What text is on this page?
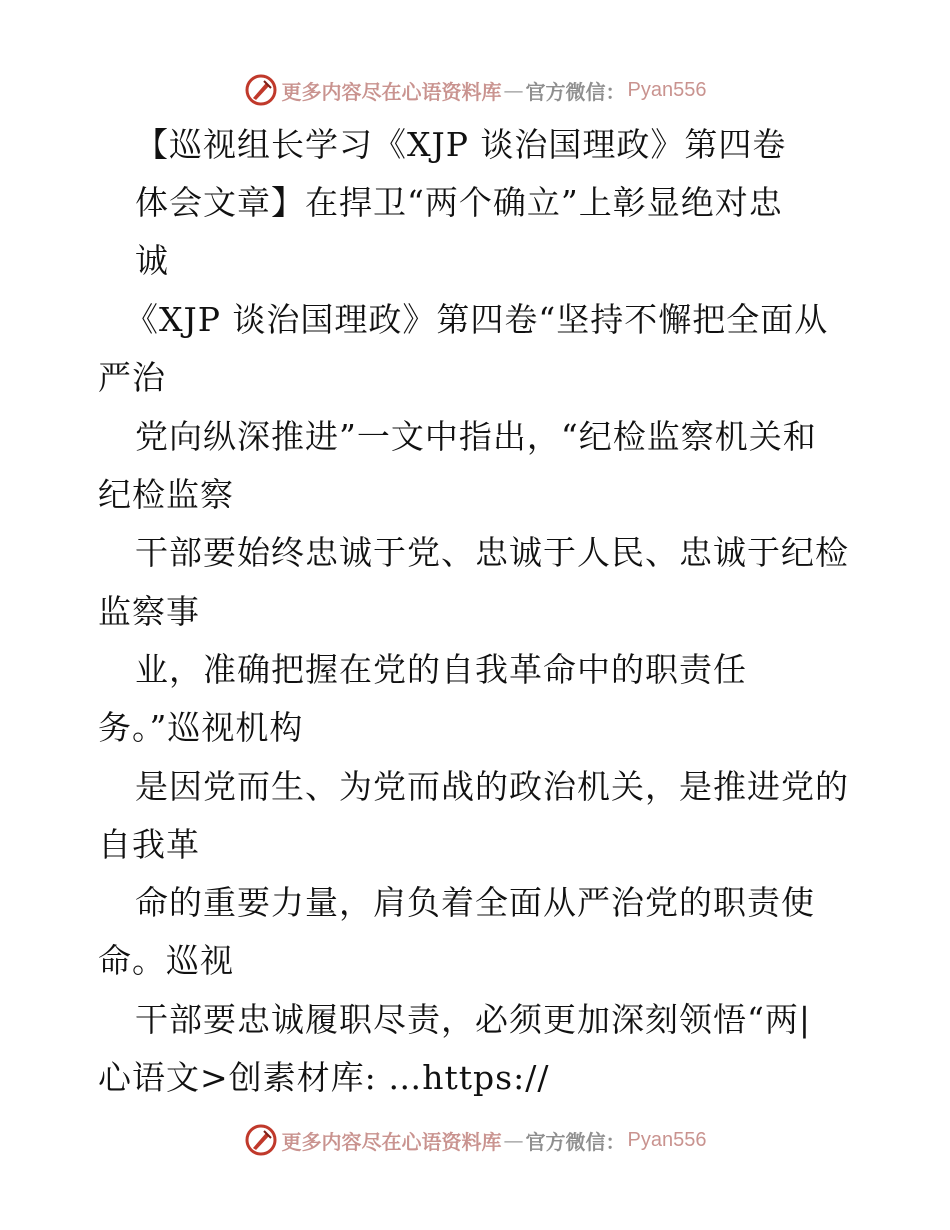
更多内容尽在心语资料库 — 官方微信： Pyan556
【巡视组长学习《XJP 谈治国理政》第四卷
体会文章】在捍卫“两个确立”上彰显绝对忠
诚
《XJP 谈治国理政》第四卷“坚持不懈把全面从
严治
党向纵深推进”一文中指出，“纪检监察机关和
纪检监察
干部要始终忠诚于党、忠诚于人民、忠诚于纪检
监察事
业，准确把握在党的自我革命中的职责任
务。”巡视机构
是因党而生、为党而战的政治机关，是推进党的
自我革
命的重要力量，肩负着全面从严治党的职责使
命。巡视
干部要忠诚履职尽责，必须更加深刻领悟“两|
心语文>创素材库: …https://
更多内容尽在心语资料库 — 官方微信： Pyan556
